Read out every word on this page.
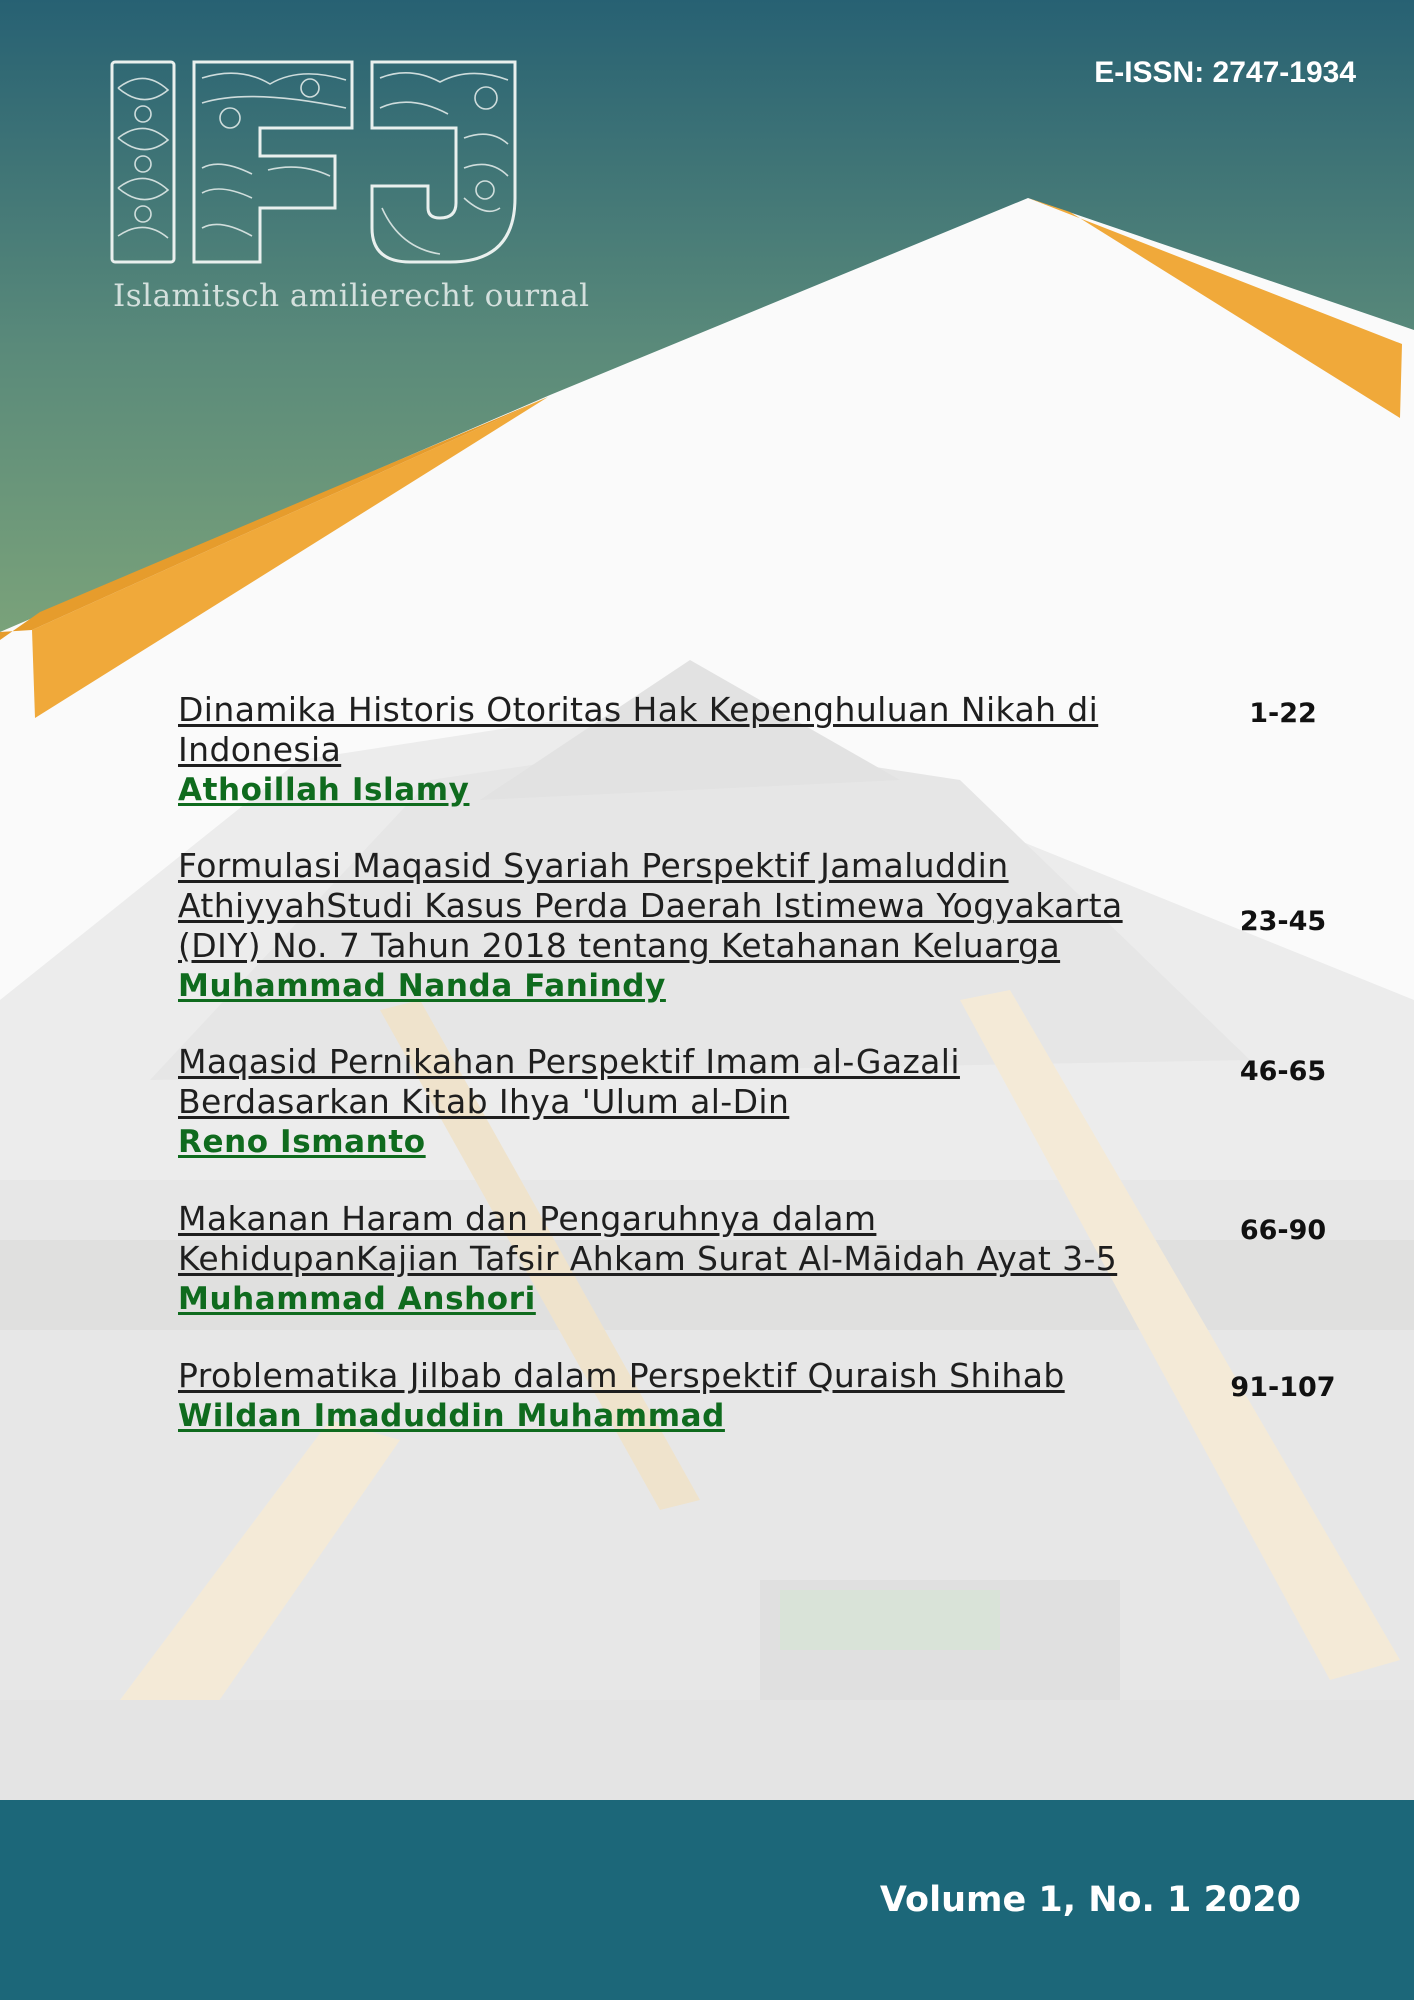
Islamitsch amilierecht ournal
E-ISSN: 2747-1934
Dinamika Historis Otoritas Hak Kepenghuluan Nikah di
Indonesia
Athoillah Islamy
1-22
Formulasi Maqasid Syariah Perspektif Jamaluddin
AthiyyahStudi Kasus Perda Daerah Istimewa Yogyakarta
(DIY) No. 7 Tahun 2018 tentang Ketahanan Keluarga
Muhammad Nanda Fanindy
23-45
Maqasid Pernikahan Perspektif Imam al-Gazali
Berdasarkan Kitab Ihya 'Ulum al-Din
Reno Ismanto
46-65
Makanan Haram dan Pengaruhnya dalam
KehidupanKajian Tafsir Ahkam Surat Al-Māidah Ayat 3-5
Muhammad Anshori
66-90
Problematika Jilbab dalam Perspektif Quraish Shihab
Wildan Imaduddin Muhammad
91-107
Volume 1, No. 1 2020
